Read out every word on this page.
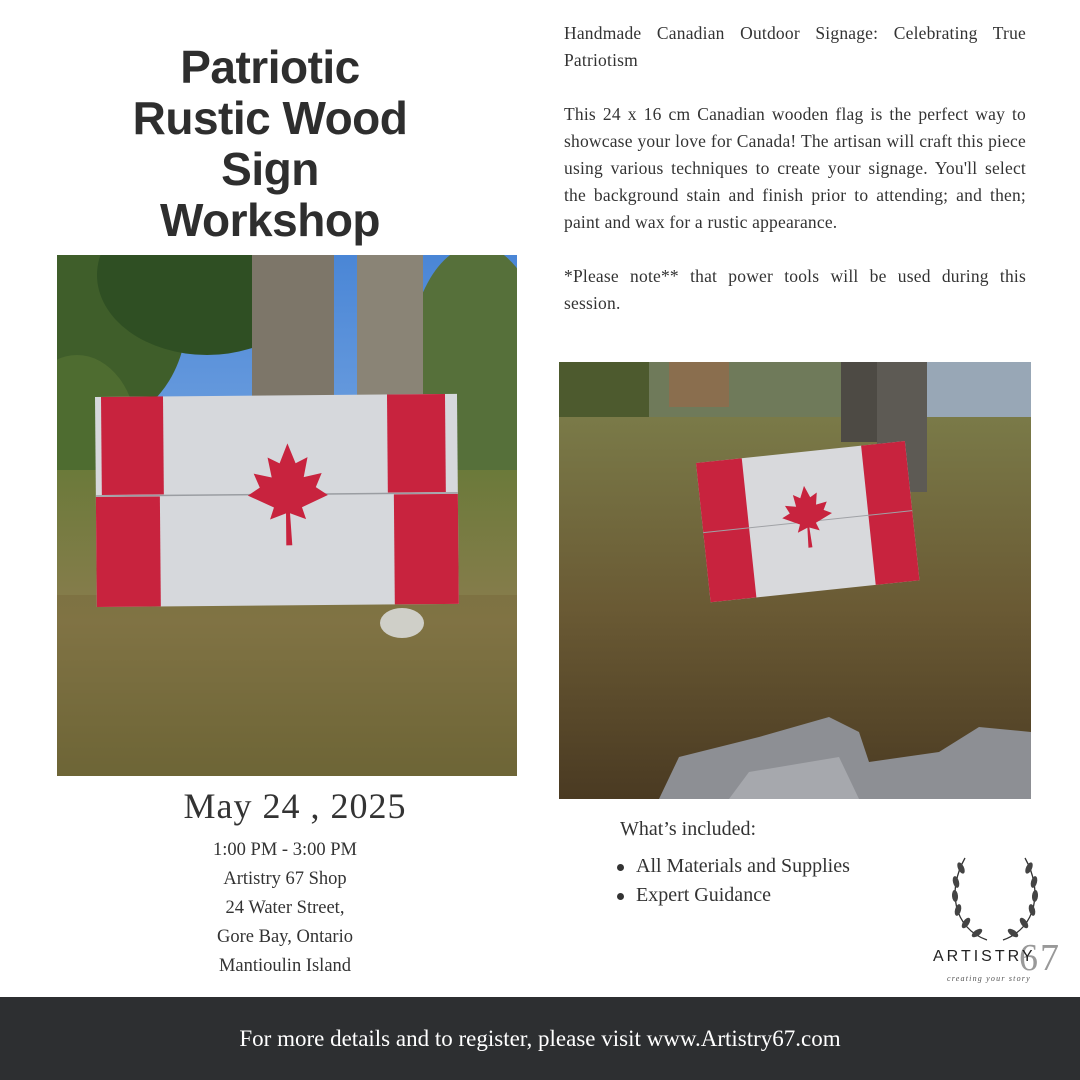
Patriotic
Rustic Wood
Sign
Workshop

Handmade Canadian Outdoor Signage: Celebrating True Patriotism

This 24 x 16 cm Canadian wooden flag is the perfect way to showcase your love for Canada! The artisan will craft this piece using various techniques to create your signage. You'll select the background stain and finish prior to attending; and then; paint and wax for a rustic appearance.

*Please note** that power tools will be used during this session.

May 24 , 2025
1:00 PM - 3:00 PM
Artistry 67 Shop
24 Water Street,
Gore Bay, Ontario
Mantioulin Island
What’s included:
All Materials and Supplies
Expert Guidance
67
ARTISTRY
creating your story
For more details and to register, please visit www.Artistry67.com
